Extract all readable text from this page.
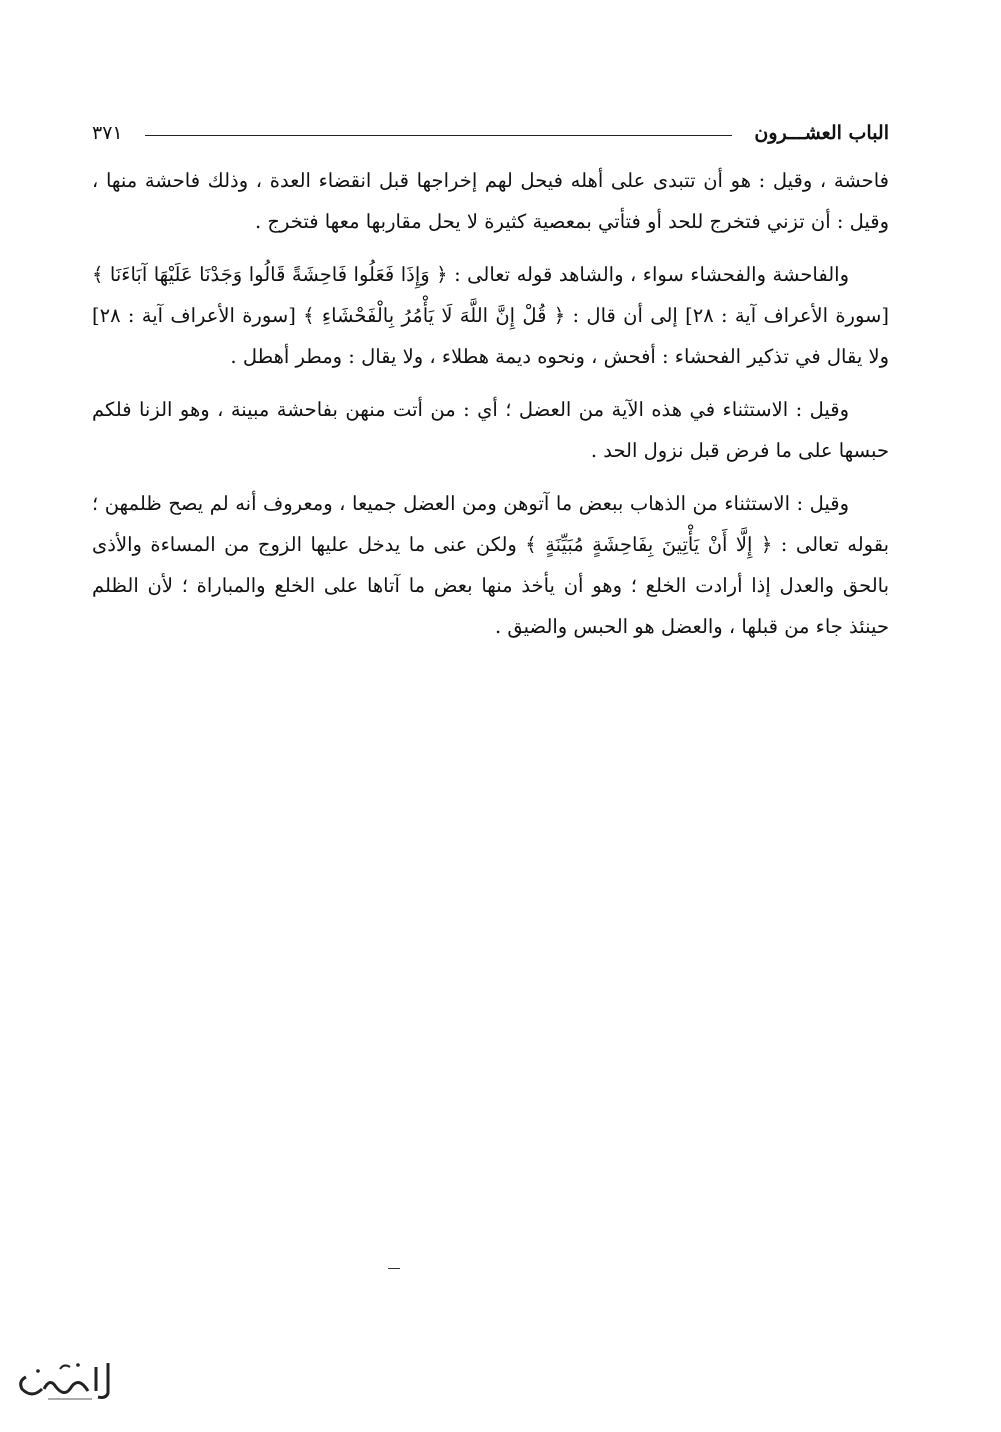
الباب العشـــرون
٣٧١

فاحشة ، وقيل : هو أن تتبدى على أهله فيحل لهم إخراجها قبل انقضاء العدة ، وذلك فاحشة منها ، وقيل : أن تزني فتخرج للحد أو فتأتي بمعصية كثيرة لا يحل مقاربها معها فتخرج .

والفاحشة والفحشاء سواء ، والشاهد قوله تعالى : ﴿ وَإِذَا فَعَلُوا فَاحِشَةً قَالُوا وَجَدْنَا عَلَيْهَا آبَاءَنَا ﴾ [سورة الأعراف آية : ٢٨] إلى أن قال : ﴿ قُلْ إِنَّ اللَّهَ لَا يَأْمُرُ بِالْفَحْشَاءِ ﴾ [سورة الأعراف آية : ٢٨] ولا يقال في تذكير الفحشاء : أفحش ، ونحوه ديمة هطلاء ، ولا يقال : ومطر أهطل .

وقيل : الاستثناء في هذه الآية من العضل ؛ أي : من أتت منهن بفاحشة مبينة ، وهو الزنا فلكم حبسها على ما فرض قبل نزول الحد .

وقيل : الاستثناء من الذهاب ببعض ما آتوهن ومن العضل جميعا ، ومعروف أنه لم يصح ظلمهن ؛ بقوله تعالى : ﴿ إِلَّا أَنْ يَأْتِينَ بِفَاحِشَةٍ مُبَيِّنَةٍ ﴾ ولكن عنى ما يدخل عليها الزوج من المساءة والأذى بالحق والعدل إذا أرادت الخلع ؛ وهو أن يأخذ منها بعض ما آتاها على الخلع والمباراة ؛ لأن الظلم حينئذ جاء من قبلها ، والعضل هو الحبس والضيق .
